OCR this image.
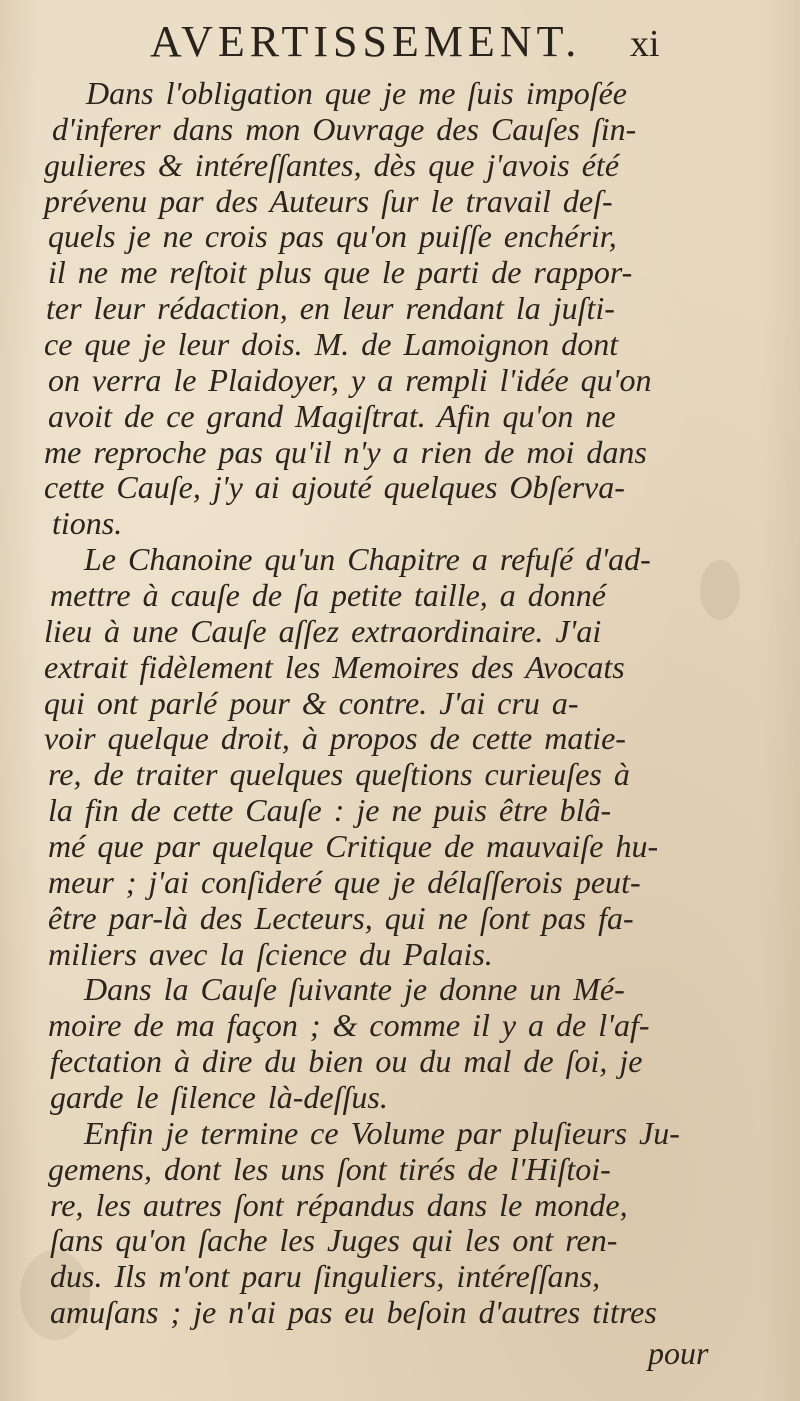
AVERTISSEMENT. xi
Dans l'obligation que je me ſuis impoſée
d'inferer dans mon Ouvrage des Cauſes ſin-
gulieres & intéreſſantes, dès que j'avois été
prévenu par des Auteurs ſur le travail deſ-
quels je ne crois pas qu'on puiſſe enchérir,
il ne me reſtoit plus que le parti de rappor-
ter leur rédaction, en leur rendant la juſti-
ce que je leur dois. M. de Lamoignon dont
on verra le Plaidoyer, y a rempli l'idée qu'on
avoit de ce grand Magiſtrat. Afin qu'on ne
me reproche pas qu'il n'y a rien de moi dans
cette Cauſe, j'y ai ajouté quelques Obſerva-
tions.
Le Chanoine qu'un Chapitre a refuſé d'ad-
mettre à cauſe de ſa petite taille, a donné
lieu à une Cauſe aſſez extraordinaire. J'ai
extrait fidèlement les Memoires des Avocats
qui ont parlé pour & contre. J'ai cru a-
voir quelque droit, à propos de cette matie-
re, de traiter quelques queſtions curieuſes à
la fin de cette Cauſe : je ne puis être blâ-
mé que par quelque Critique de mauvaiſe hu-
meur ; j'ai conſideré que je délaſſerois peut-
être par-là des Lecteurs, qui ne ſont pas fa-
miliers avec la ſcience du Palais.
Dans la Cauſe ſuivante je donne un Mé-
moire de ma façon ; & comme il y a de l'af-
fectation à dire du bien ou du mal de ſoi, je
garde le ſilence là-deſſus.
Enfin je termine ce Volume par pluſieurs Ju-
gemens, dont les uns ſont tirés de l'Hiſtoi-
re, les autres ſont répandus dans le monde,
ſans qu'on ſache les Juges qui les ont ren-
dus. Ils m'ont paru ſinguliers, intéreſſans,
amuſans ; je n'ai pas eu beſoin d'autres titres
pour
